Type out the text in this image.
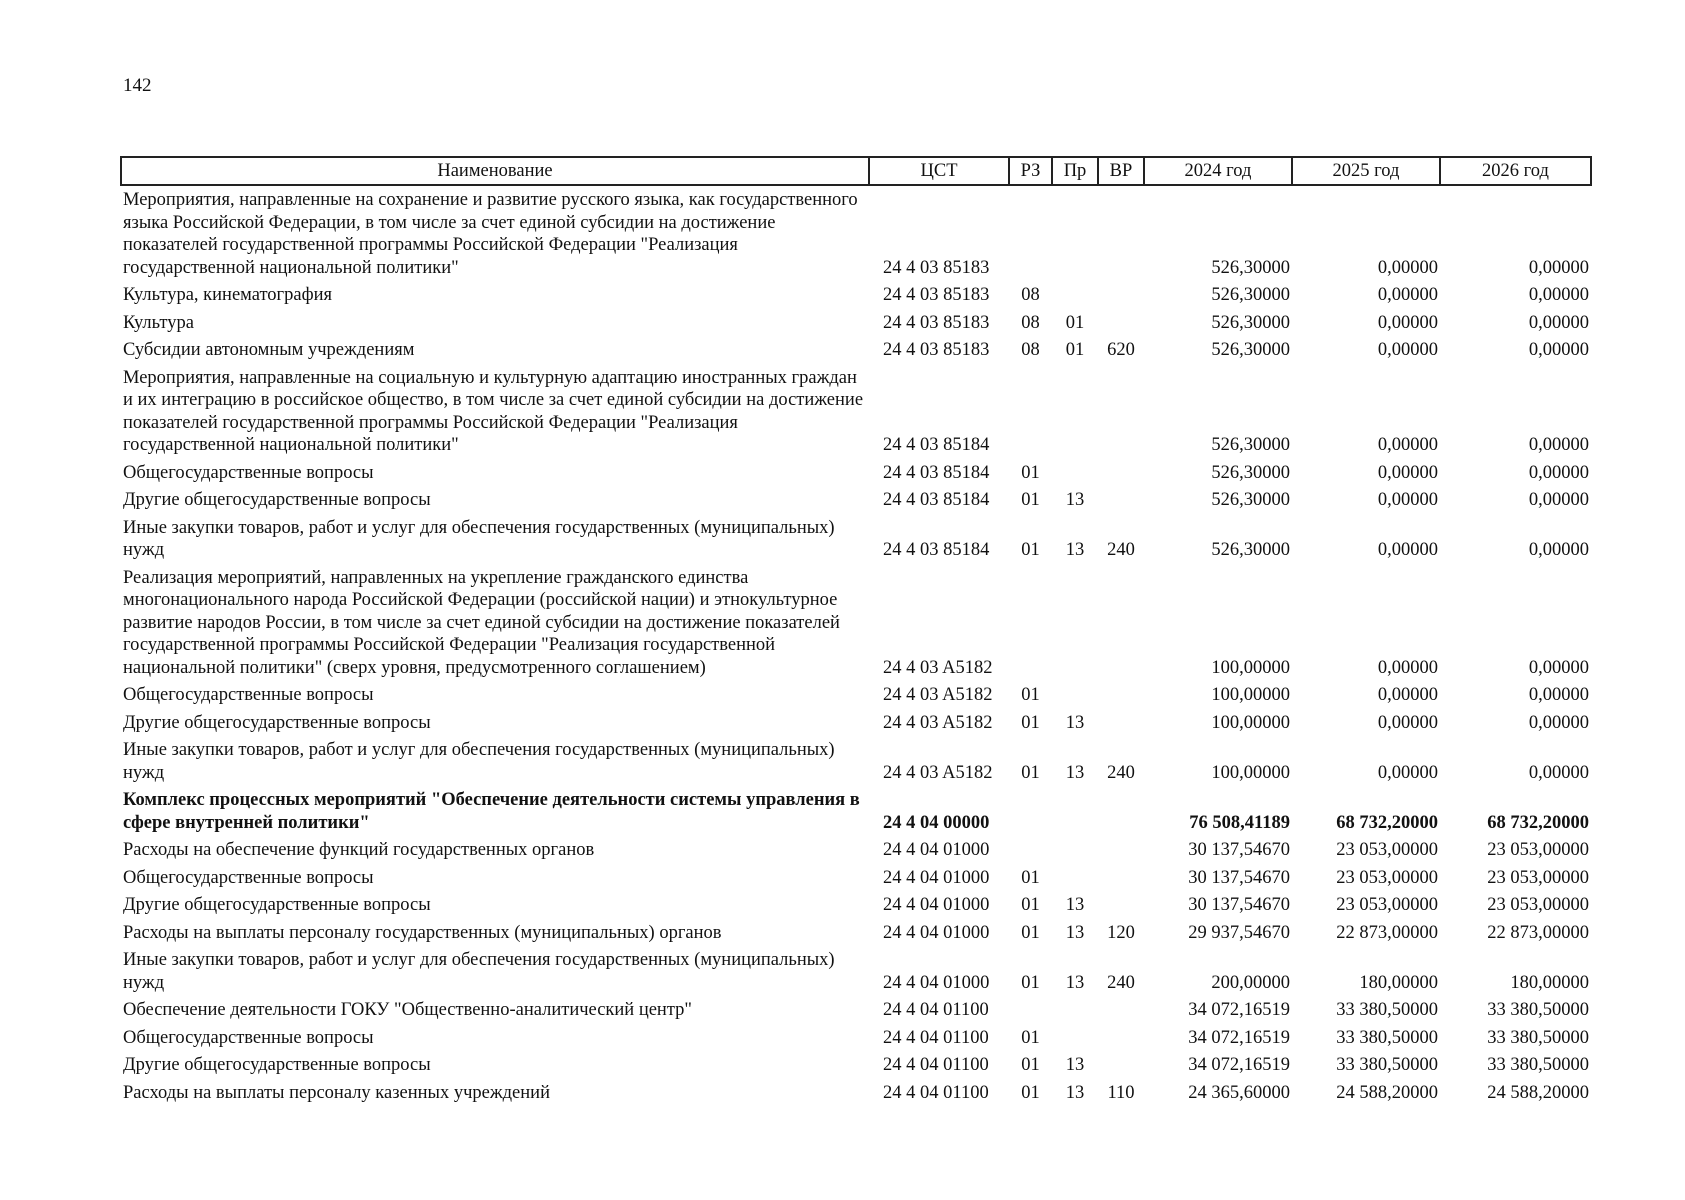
142
Наименование	ЦСТ	РЗ	Пр	ВР	2024 год	2025 год	2026 год
Мероприятия, направленные на сохранение и развитие русского языка, как государственного языка Российской Федерации, в том числе за счет единой субсидии на достижение показателей государственной программы Российской Федерации "Реализация государственной национальной политики"	24 4 03 85183				526,30000	0,00000	0,00000
Культура, кинематография	24 4 03 85183	08			526,30000	0,00000	0,00000
Культура	24 4 03 85183	08	01		526,30000	0,00000	0,00000
Субсидии автономным учреждениям	24 4 03 85183	08	01	620	526,30000	0,00000	0,00000
Мероприятия, направленные на социальную и культурную адаптацию иностранных граждан и их интеграцию в российское общество, в том числе за счет единой субсидии на достижение показателей государственной программы Российской Федерации "Реализация государственной национальной политики"	24 4 03 85184				526,30000	0,00000	0,00000
Общегосударственные вопросы	24 4 03 85184	01			526,30000	0,00000	0,00000
Другие общегосударственные вопросы	24 4 03 85184	01	13		526,30000	0,00000	0,00000
Иные закупки товаров, работ и услуг для обеспечения государственных (муниципальных) нужд	24 4 03 85184	01	13	240	526,30000	0,00000	0,00000
Реализация мероприятий, направленных на укрепление гражданского единства многонационального народа Российской Федерации (российской нации) и этнокультурное развитие народов России, в том числе за счет единой субсидии на достижение показателей государственной программы Российской Федерации "Реализация государственной национальной политики" (сверх уровня, предусмотренного соглашением)	24 4 03 A5182				100,00000	0,00000	0,00000
Общегосударственные вопросы	24 4 03 A5182	01			100,00000	0,00000	0,00000
Другие общегосударственные вопросы	24 4 03 A5182	01	13		100,00000	0,00000	0,00000
Иные закупки товаров, работ и услуг для обеспечения государственных (муниципальных) нужд	24 4 03 A5182	01	13	240	100,00000	0,00000	0,00000
Комплекс процессных мероприятий "Обеспечение деятельности системы управления в сфере внутренней политики"	24 4 04 00000				76 508,41189	68 732,20000	68 732,20000
Расходы на обеспечение функций государственных органов	24 4 04 01000				30 137,54670	23 053,00000	23 053,00000
Общегосударственные вопросы	24 4 04 01000	01			30 137,54670	23 053,00000	23 053,00000
Другие общегосударственные вопросы	24 4 04 01000	01	13		30 137,54670	23 053,00000	23 053,00000
Расходы на выплаты персоналу государственных (муниципальных) органов	24 4 04 01000	01	13	120	29 937,54670	22 873,00000	22 873,00000
Иные закупки товаров, работ и услуг для обеспечения государственных (муниципальных) нужд	24 4 04 01000	01	13	240	200,00000	180,00000	180,00000
Обеспечение деятельности ГОКУ "Общественно-аналитический центр"	24 4 04 01100				34 072,16519	33 380,50000	33 380,50000
Общегосударственные вопросы	24 4 04 01100	01			34 072,16519	33 380,50000	33 380,50000
Другие общегосударственные вопросы	24 4 04 01100	01	13		34 072,16519	33 380,50000	33 380,50000
Расходы на выплаты персоналу казенных учреждений	24 4 04 01100	01	13	110	24 365,60000	24 588,20000	24 588,20000
